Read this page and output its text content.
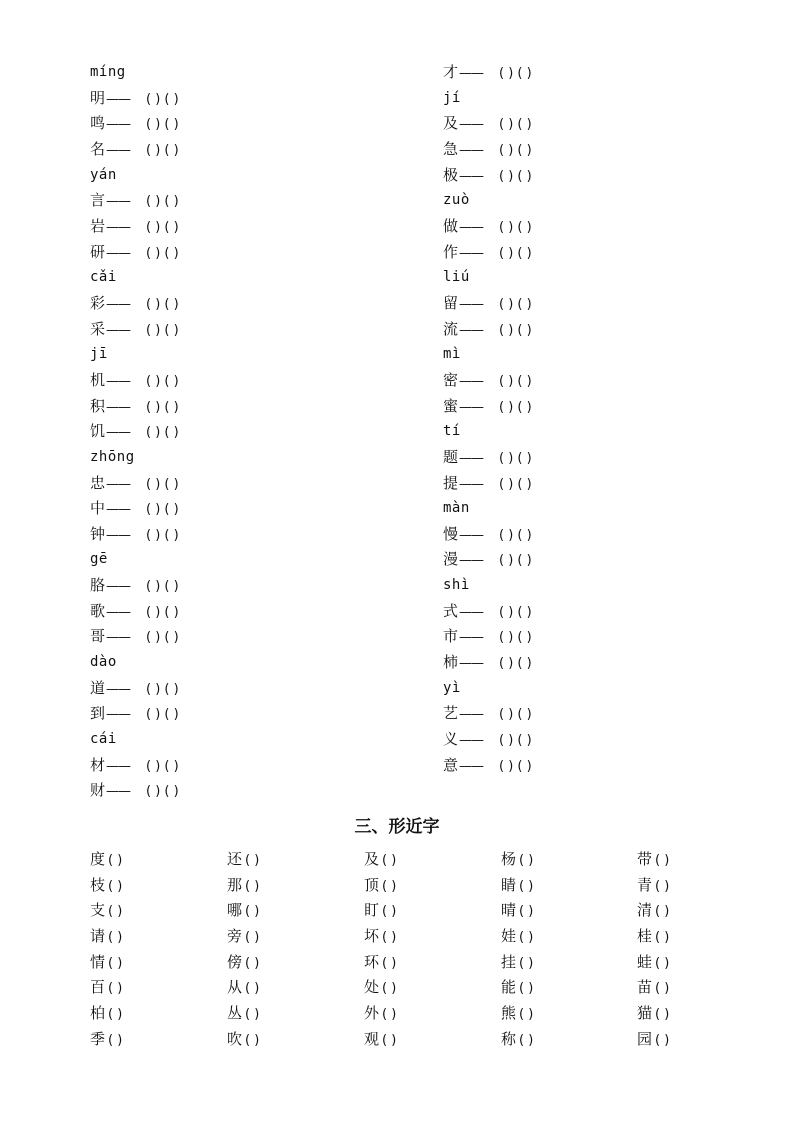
míng
明—— ( ) ( )
鸣—— ( ) ( )
名—— ( ) ( )
yán
言—— ( ) ( )
岩—— ( ) ( )
研—— ( ) ( )
cǎi
彩—— ( ) ( )
采—— ( ) ( )
jī
机—— ( ) ( )
积—— ( ) ( )
饥—— ( ) ( )
zhōng
忠—— ( ) ( )
中—— ( ) ( )
钟—— ( ) ( )
gē
胳—— ( ) ( )
歌—— ( ) ( )
哥—— ( ) ( )
dào
道—— ( ) ( )
到—— ( ) ( )
cái
材—— ( ) ( )
财—— ( ) ( )
才—— ( ) ( )
jí
及—— ( ) ( )
急—— ( ) ( )
极—— ( ) ( )
zuò
做—— ( ) ( )
作—— ( ) ( )
liú
留—— ( ) ( )
流—— ( ) ( )
mì
密—— ( ) ( )
蜜—— ( ) ( )
tí
题—— ( ) ( )
提—— ( ) ( )
màn
慢—— ( ) ( )
漫—— ( ) ( )
shì
式—— ( ) ( )
市—— ( ) ( )
柿—— ( ) ( )
yì
艺—— ( ) ( )
义—— ( ) ( )
意—— ( ) ( )
三、形近字
度 ( )	还 ( )	及 ( )	杨 ( )	带 ( )
枝 ( )	那 ( )	顶 ( )	睛 ( )	青 ( )
支 ( )	哪 ( )	盯 ( )	晴 ( )	清 ( )
请 ( )	旁 ( )	坏 ( )	娃 ( )	桂 ( )
情 ( )	傍 ( )	环 ( )	挂 ( )	蛙 ( )
百 ( )	从 ( )	处 ( )	能 ( )	苗 ( )
柏 ( )	丛 ( )	外 ( )	熊 ( )	猫 ( )
季 ( )	吹 ( )	观 ( )	称 ( )	园 ( )
